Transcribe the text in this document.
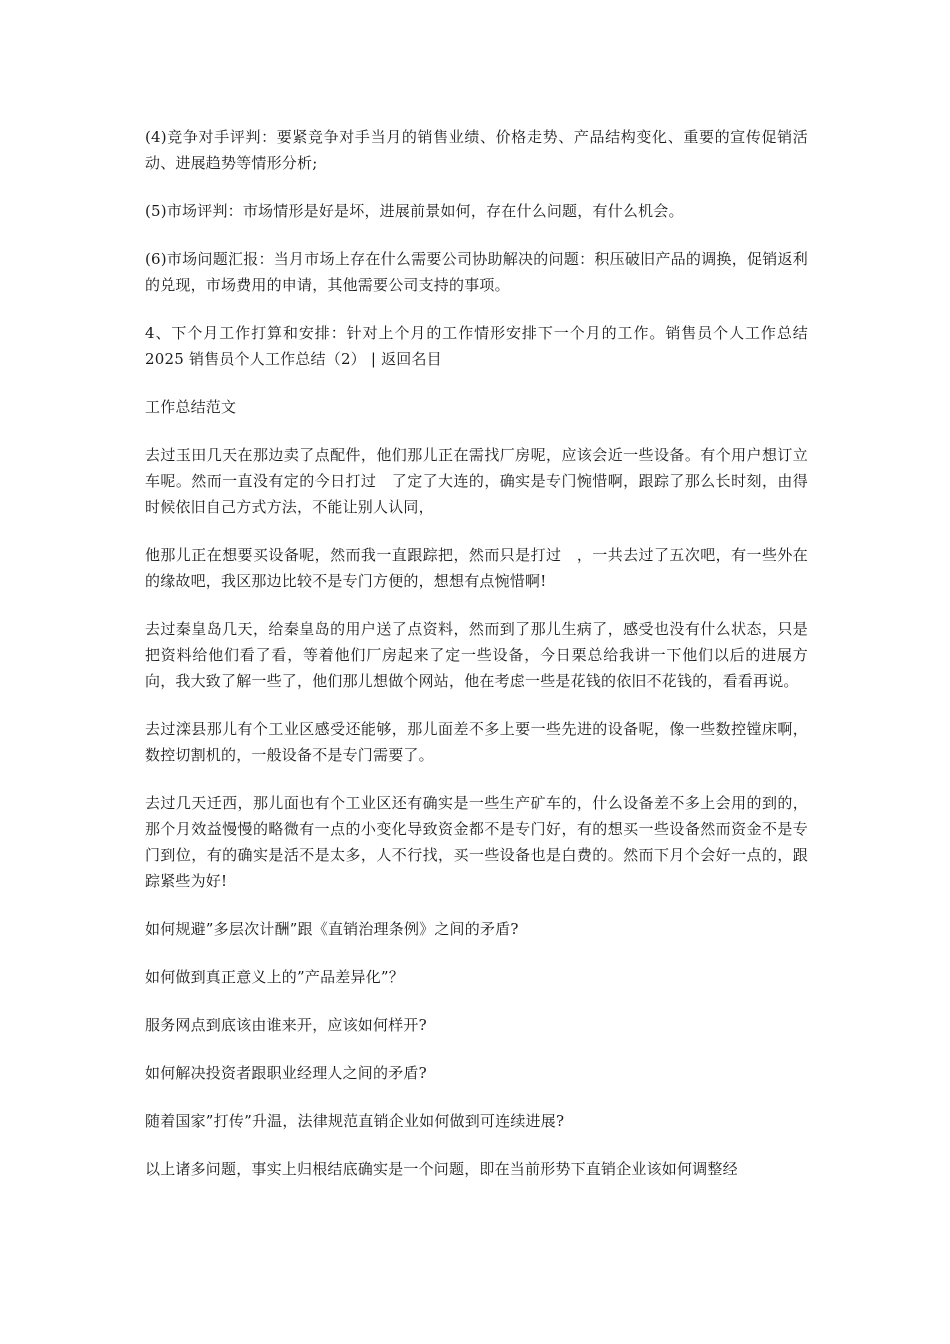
(4)竞争对手评判：要紧竞争对手当月的销售业绩、价格走势、产品结构变化、重要的宣传促销活动、进展趋势等情形分析;

(5)市场评判：市场情形是好是坏，进展前景如何，存在什么问题，有什么机会。

(6)市场问题汇报：当月市场上存在什么需要公司协助解决的问题：积压破旧产品的调换，促销返利的兑现，市场费用的申请，其他需要公司支持的事项。

4、下个月工作打算和安排：针对上个月的工作情形安排下一个月的工作。销售员个人工作总结 2025 销售员个人工作总结（2） | 返回名目

工作总结范文

去过玉田几天在那边卖了点配件，他们那儿正在需找厂房呢，应该会近一些设备。有个用户想订立车呢。然而一直没有定的今日打过　了定了大连的，确实是专门惋惜啊，跟踪了那么长时刻，由得时候依旧自己方式方法，不能让别人认同，

他那儿正在想要买设备呢，然而我一直跟踪把，然而只是打过　，一共去过了五次吧，有一些外在的缘故吧，我区那边比较不是专门方便的，想想有点惋惜啊!

去过秦皇岛几天，给秦皇岛的用户送了点资料，然而到了那儿生病了，感受也没有什么状态，只是把资料给他们看了看，等着他们厂房起来了定一些设备，今日栗总给我讲一下他们以后的进展方向，我大致了解一些了，他们那儿想做个网站，他在考虑一些是花钱的依旧不花钱的，看看再说。

去过滦县那儿有个工业区感受还能够，那儿面差不多上要一些先进的设备呢，像一些数控镗床啊，数控切割机的，一般设备不是专门需要了。

去过几天迁西，那儿面也有个工业区还有确实是一些生产矿车的，什么设备差不多上会用的到的，那个月效益慢慢的略微有一点的小变化导致资金都不是专门好，有的想买一些设备然而资金不是专门到位，有的确实是活不是太多，人不行找，买一些设备也是白费的。然而下月个会好一点的，跟踪紧些为好!

如何规避”多层次计酬”跟《直销治理条例》之间的矛盾?

如何做到真正意义上的”产品差异化”？

服务网点到底该由谁来开，应该如何样开?

如何解决投资者跟职业经理人之间的矛盾?

随着国家”打传”升温，法律规范直销企业如何做到可连续进展?

以上诸多问题，事实上归根结底确实是一个问题，即在当前形势下直销企业该如何调整经
